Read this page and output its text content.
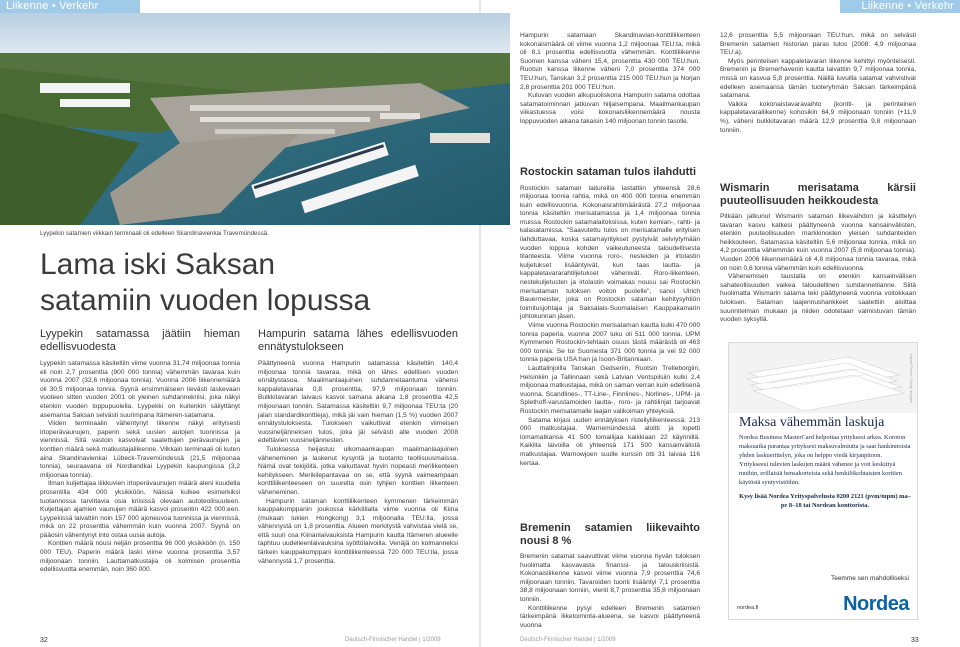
Liikenne • Verkehr	Liikenne • Verkehr
Lyypekin satamien viikkain terminaali oli edelleen Skandinavienkai Travemündessä.
Lama iski Saksan
satamiin vuoden lopussa
Lyypekin satamassa jäätiin hieman edellisvuodesta

Lyypekin satamassa käsiteltiin viime vuonna 31,74 miljoonaa tonnia eli noin 2,7 prosenttia (900 000 tonnia) vähemmän tavaraa kuin vuonna 2007 (32,6 miljoonaa tonnia). Vuonna 2006 liikennemäärä oli 30,5 miljoonaa tonnia. Syynä ensimmäiseen lievästi laskevaan vuoteen sitten vuoden 2001 oli yleinen suhdannekriisi, joka näkyi etenkin vuoden loppupuolella. Lyypekki on kuitenkin säilyttänyt asemansa Saksan selvästi suurimpana Itämeren-satamana.

Viiden terminaalin vähentynyt liikenne näkyi erityisesti irtoperävaunujen, paperin sekä uusien autojen tuonnissa ja viennissä. Sitä vastoin kasvoivat saatettujen perävaunujen ja konttien määrä sekä matkustajaliikenne. Vilkkain terminaali oli kuten aina Skandinavienkai Lübeck-Travemündessä (21,5 miljoonaa tonnia), seuraavana oli Nordlandkai Lyypekin kaupungissa (3,2 miljoonaa tonnia).

Ilman kuljettajaa liikkuvien irtoperävaunujen määrä aleni kuudella prosentilla 434 000 yksikköön. Näissä kulkee esimerkiksi tuotannossa tarvittavia osia kriisissä olevaan autoteollisuuteen. Kuljettajan ajamien vaunujen määrä kasvoi prosentin 422 000:een. Lyypekissä laivattiin noin 157 000 ajoneuvoa tuonnissa ja viennissä, mikä on 22 prosenttia vähemmän kuin vuonna 2007. Syynä on pääosin vähentynyt into ostaa uusia autoja.

Konttien määrä nousi neljän prosenttia 96 000 yksikköön (n. 150 000 TEU). Paperin määrä laski viime vuonna prosenttia 3,57 miljoonaan tonniin. Lauttamatkustajia oli kolmisen prosenttia edellisvuotta enemmän, noin 360 000.

Hampurin satama lähes edellisvuoden ennätystulokseen

Päättyneenä vuonna Hampurin satamassa käsiteltiin 140,4 miljoonaa tonnia tavaraa, mikä on lähes edellisen vuoden ennätystasoa. Maailmanlaajuinen suhdannetaantuma vähensi kappaletavaraa 0,8 prosenttia, 97,9 miljoonaan tonniin. Bulkkitavaran laivaus kasvoi samana aikana 1,8 prosenttia 42,5 miljoonaan tonniin. Satamassa käsiteltiin 9,7 miljoonaa TEU:ta (20 jalan standardikonttieja), mikä jäi vain hieman (1,5 %) vuoden 2007 ennätystuloksesta. Tulokseen vaikuttivat etenkin viimeisen vuosineljänneksen tulos, joka jäi selvästi alle vuoden 2008 edeltävien vuosineljännesten.

Tuloksessa heijastuu ulkomaankaupan maailmanlaajuinen väheneminen ja laskenut kysyntä ja tuotanto teollisuusmaissa. Nämä ovat tekijöitä, jotka vaikuttavat hyvin nopeasti merilikenteen kehitykseen. Merikilepantavaa on se, että syynä vaimeampaan konttiliikenteeseen on suurelta osin tyhjien konttien liikenteen väheneminen.

Hampurin sataman konttiliikenteen kymmenen tärkeimmän kauppakumppanin joukossa kärkitilalla viime vuonna oli Kiina (mukaan lukien Hongkong) 3,1 miljoonalla TEU:lla, jossa vähennystä on 1,8 prosenttia. Alueen merkitystä vahvistaa vielä se, että suuri osa Kiinanlaivauksista Hampurin kautta Itämeren alueelle taphtuu uudelleenlaivauksina syöttölaivoilla. Venäjä on kolmanneksi tärkein kauppakumppani konttiliikenteessä 720 000 TEU:lla, jossa vähennystä 1,7 prosenttia.

Hampurin satamaan Skandinavian-konttiliikenteen kokonaismäärä oli viime vuonna 1,2 miljoonaa TEU:ta, mikä oli 8,1 prosenttia edellisvuotta vähemmän. Konttiliikenne Suomen kanssa väheni 15,4, prosenttia 430 000 TEU:hun. Ruotsin kanssa liikenne väheni 7,0 prosenttia 374 000 TEU:hun, Tanskan 3,2 prosenttia 215 000 TEU:hun ja Norjan 2,8 prosenttia 201 000 TEU:hun.

Kuluvan vuoden alkupuoliskona Hampurin satama odottaa satamatoiminnan jatkuvan hiljaisempana. Maailmankaupan viikastuessa voisi kokonaisliikennemäärä nousta loppuvuoden aikana takaisin 140 miljoonan tonnin tasolle.

Rostockin sataman tulos ilahdutti

Rostockin sataman laitureilla lastattiin yhteensä 28,6 miljoonaa tonnia rahtia, mikä on 400 000 tonnia enemmän kuin edellisvuonna. Kokonaisrahtimäärästä 27,2 miljoonaa tonnia käsiteltiin merisatamassa ja 1,4 miljoonaa tonnia muissa Rostockin satamalaitoksissa, kuten kemian-, rahti- ja kalasatamissa. "Saavutettu tulos on merisatamalle erityisen ilahduttavaa, koska satamayritykset pystyivät selviytymään vuoden loppua kohden vaikeutuneesta taloudellisesta tilanteesta. Viime vuonna roro-, nesteiden ja irtolastin kuljetukset lisääntyivät, kun taas lautta- ja kappaletavararahtiljetukset vähenivät. Roro-liikenteen, nestekuljetusten ja irtolastin voimakas nousu sai Rostockin merisataman tuloksen voiton puolelle", sanoi Ulrich Bauermeister, joka on Rostockin sataman kehitysyhtiön toimitusjohtaja ja Saksalais-Suomalaisen Kauppakamarin johtokunnan jäsen.

Viime vuonna Rostockin merisataman kautta kulki 470 000 tonnia paperia, vuonna 2007 luku oli 511 000 tonnia. UPM Kymmenen Rostockin-tehtaan osuus tästä määrästä oli 463 000 tonnia. Se toi Suomesta 371 000 tonnia ja vei 92 000 tonnia paperia USA:han ja Isoon-Britanniaan.

Lauttalinjoilla Tanskan Gedseriin, Ruotsin Trelleborgiin, Helsinkiin ja Tallinnaan sekä Latvian Ventspilsiin kulki 2,4 miljoonaa matkustajaa, mikä on saman verran kuin edellisenä vuonna. Scandlines-, TT-Line-, Finnlines-, Norlines-, UPM- ja Splethoff-varustamoiden lautta-, roro- ja rahtilinjat tarjoavat Rostockin merisatamalle laajan valikoiman yhteyksiä.

Satama kirjasi uuden ennätyksen risteilyliikenteessä: 213 000 matkustajaa. Warnemündessä aloitti ja lopetti lomamatkansa 41 500 lomailijaa kaikkiaan 22 käynnillä. Kaikilla laivoilla oli yhteensä 171 500 kansainvälistä matkustajaa. Warnowjoen suulle kurssin otti 31 laivaa 116 kertaa.

Bremenin satamien liikevaihto nousi 8 %

Bremenin satamat saavuttivat viime vuonna hyvän tuloksen huolimatta kasvavasta finanssi- ja talouskriisistä. Kokonaisliikenne kasvoi viime vuonna 7,9 prosenttia 74,6 miljoonaan tonniin. Tavaroiden tuonti lisääntyi 7,1 prosenttia 38,8 miljoonaan tonniin, vienti 8,7 prosenttia 35,8 miljoonaan tonniin.

Konttiliikenne pysyi edelleen Bremenin satamien tärkeimpänä liiketoiminta-alueena, se kasvoi päättyneenä vuonna

12,6 prosenttia 5,5 miljoonaan TEU:hun, mikä on selvästi Bremenin satamien historian paras tulos (2008: 4,9 miljoonaa TEU:a).

Myös perinteisen kappaletavaran liikenne kehittyi myönteisesti. Bremenin ja Bremerhavenin kautta laivattiin 9,7 miljoonaa tonnia, missä on kasvua 5,8 prosenttia. Näillä luvuilla satamat vahvistivat edelleen asemaansa tämän tuoteryhmän Saksan tärkeimpänä satamana.

Vaikka kokonaistavaravaihto (kontti- ja perinteinen kappaletavaraliikenne) kohosikin 64,9 miljoonaan tonniin (+11,9 %), väheni bulkkitavaran määrä 12,9 prosenttia 9,8 miljoonaan tonniin.

Wismarin merisatama kärsii puuteollisuuden heikkoudesta

Pitkään jatkunut Wismarin sataman liikevaihdon ja käsittelyn tavaran kasvu katkesi päättyneenä vuonna kansainvälisten, etenkin puuteollisuuden markkinoiden yleisen suhdanteiden heikkouteen. Satamassa käsiteltiin 5,6 miljoonaa tonnia, mikä on 4,2 prosenttia vähemmän kuin vuonna 2007 (5,8 miljoonaa tonnia). Vuoden 2006 liikennemäärä oli 4,8 miljoonaa tonnia tavaraa, mikä on noin 0,6 tonnia vähemmän kuin edellisvuonna.

Vähenemisen taustalla on etenkin kansainvälisen sahateollisuuden vaikea taloudellinen suhdannetilanne. Siitä huolimatta Wismarin satama teki päättyneenä vuonna voitokkaan tuloksen. Sataman laajennushankkeet saatettiin aloittaa suunnitelman mukaan ja niiden odotetaan valmistuvan tämän vuoden syksyllä.

Vapaa Photo / Getty Images
Maksa vähemmän laskuja
Nordea Business MasterCard helpottaa yrityksesi arkea. Koroton maksuaika parantaa yrityksesi maksuvalmiutta ja saat hankinnoista yhden laskuerittelyn, joka on helppo viedä kirjanpitoon. Yritykseesi tulevien laskujen määrä vähenee ja voit keskittyä muihin, erillaisiä bensakorteista sekä henkilökohtaisten korttien käytöstä syntyvistöihin.
Kysy lisää Nordea Yrityspalvelusta 0200 2121 (pvm/mpm) ma–pe 8–18 tai Nordean konttorista.
Teemme sen mahdolliseksi
Nordea
nordea.fi
32	Deutsch-Finnischer Handel | 1/2009	Deutsch-Finnischer Handel | 1/2009	33
